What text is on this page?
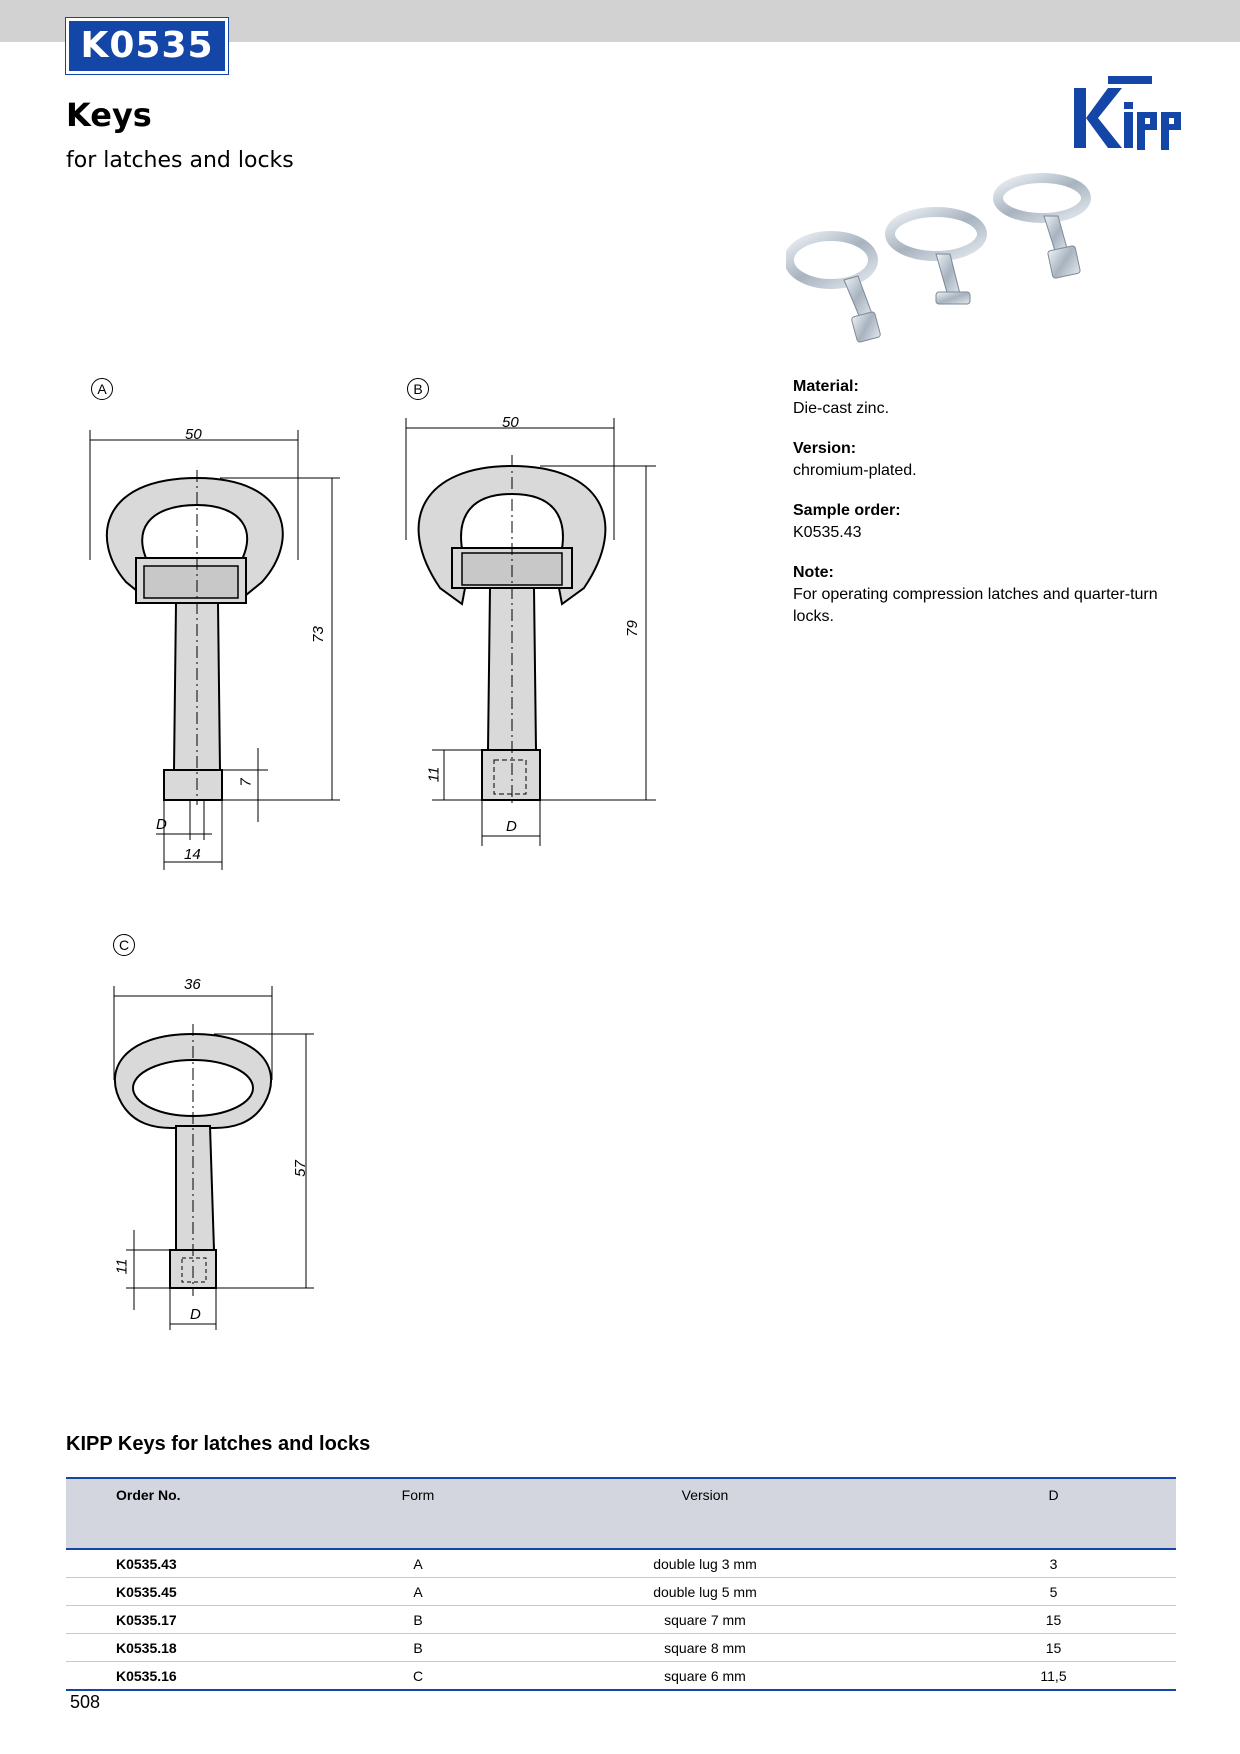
K0535
Keys

for latches and locks

A
50
73
7
D
14
B
50
79
11
D
C
36
57
11
D
Material:
Die-cast zinc.
Version:
chromium-plated.
Sample order:
K0535.43
Note:
For operating compression latches and quarter-turn locks.
KIPP Keys for latches and locks
Order No.	Form	Version	D
K0535.43	A	double lug 3 mm	3
K0535.45	A	double lug 5 mm	5
K0535.17	B	square 7 mm	15
K0535.18	B	square 8 mm	15
K0535.16	C	square 6 mm	11,5
508
